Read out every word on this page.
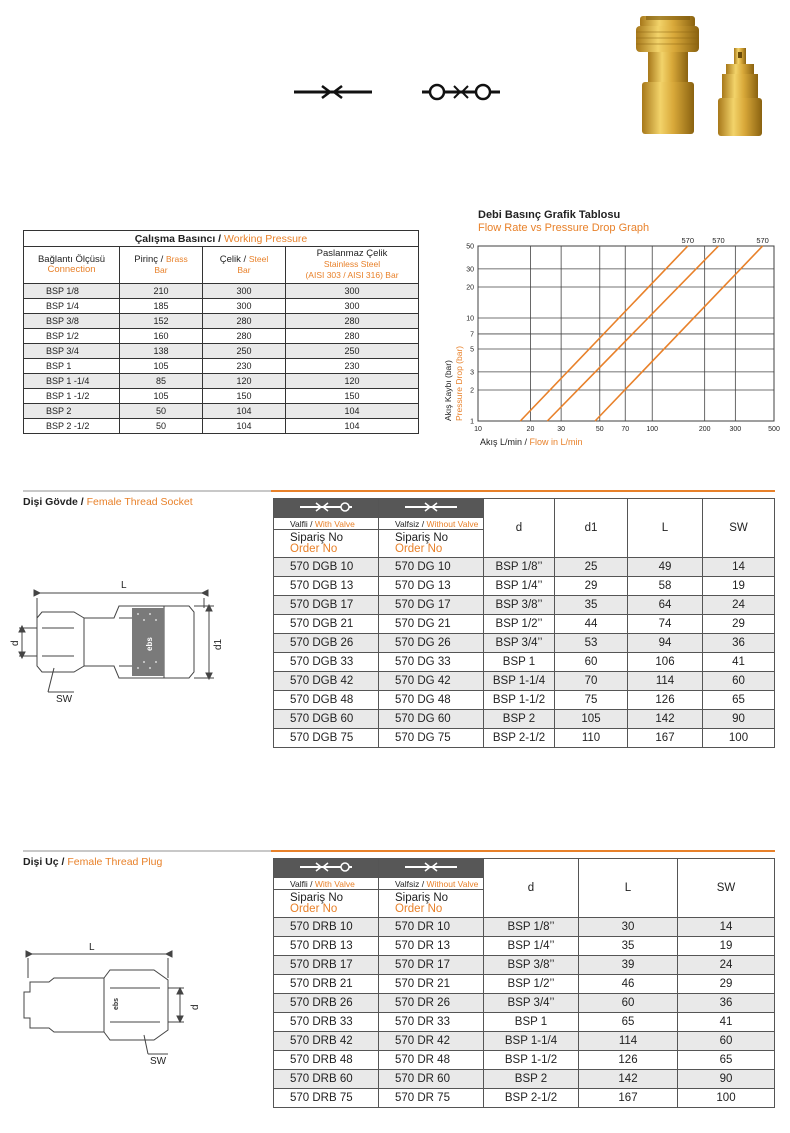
Çalışma Basıncı / Working Pressure			
Bağlantı Ölçüsü
Connection	Pirinç / Brass
Bar	Çelik / Steel
Bar	Paslanmaz Çelik
Stainless Steel
(AISI 303 / AISI 316) Bar
BSP 1/8	210	300	300
BSP 1/4	185	300	300
BSP 3/8	152	280	280
BSP 1/2	160	280	280
BSP 3/4	138	250	250
BSP 1	105	230	230
BSP 1 -1/4	85	120	120
BSP 1 -1/2	105	150	150
BSP 2	50	104	104
BSP 2 -1/2	50	104	104
Debi Basınç Grafik Tablosu
Flow Rate vs Pressure Drop Graph
10	20	30	50	70 100	200	300	500
1
2
3
5
7
10
20
30
50
570 570	570
Akış L/min / Flow in L/min
Akış Kaybı (bar) Pressure Drop (bar)
Dişi Gövde / Female Thread Socket
L
d	d1
ebs
SW
		d	d1	L	SW
Valfli / With Valve	Valfsiz / Without Valve				

Sipariş No
Order No	Sipariş No
Order No				

570 DGB 10	570 DG 10	BSP 1/8’’	25	49	14
570 DGB 13	570 DG 13	BSP 1/4’’	29	58	19
570 DGB 17	570 DG 17	BSP 3/8’’	35	64	24
570 DGB 21	570 DG 21	BSP 1/2’’	44	74	29
570 DGB 26	570 DG 26	BSP 3/4’’	53	94	36
570 DGB 33	570 DG 33	BSP 1	60	106	41
570 DGB 42	570 DG 42	BSP 1-1/4	70	114	60
570 DGB 48	570 DG 48	BSP 1-1/2	75	126	65
570 DGB 60	570 DG 60	BSP 2	105	142	90
570 DGB 75	570 DG 75	BSP 2-1/2	110	167	100
Dişi Uç / Female Thread Plug
L
d
ebs
SW
		d	L	SW
Valfli / With Valve	Valfsiz / Without Valve			

Sipariş No
Order No	Sipariş No
Order No			

570 DRB 10	570 DR 10	BSP 1/8’’	30	14
570 DRB 13	570 DR 13	BSP 1/4’’	35	19
570 DRB 17	570 DR 17	BSP 3/8’’	39	24
570 DRB 21	570 DR 21	BSP 1/2’’	46	29
570 DRB 26	570 DR 26	BSP 3/4’’	60	36
570 DRB 33	570 DR 33	BSP 1	65	41
570 DRB 42	570 DR 42	BSP 1-1/4	114	60
570 DRB 48	570 DR 48	BSP 1-1/2	126	65
570 DRB 60	570 DR 60	BSP 2	142	90
570 DRB 75	570 DR 75	BSP 2-1/2	167	100
